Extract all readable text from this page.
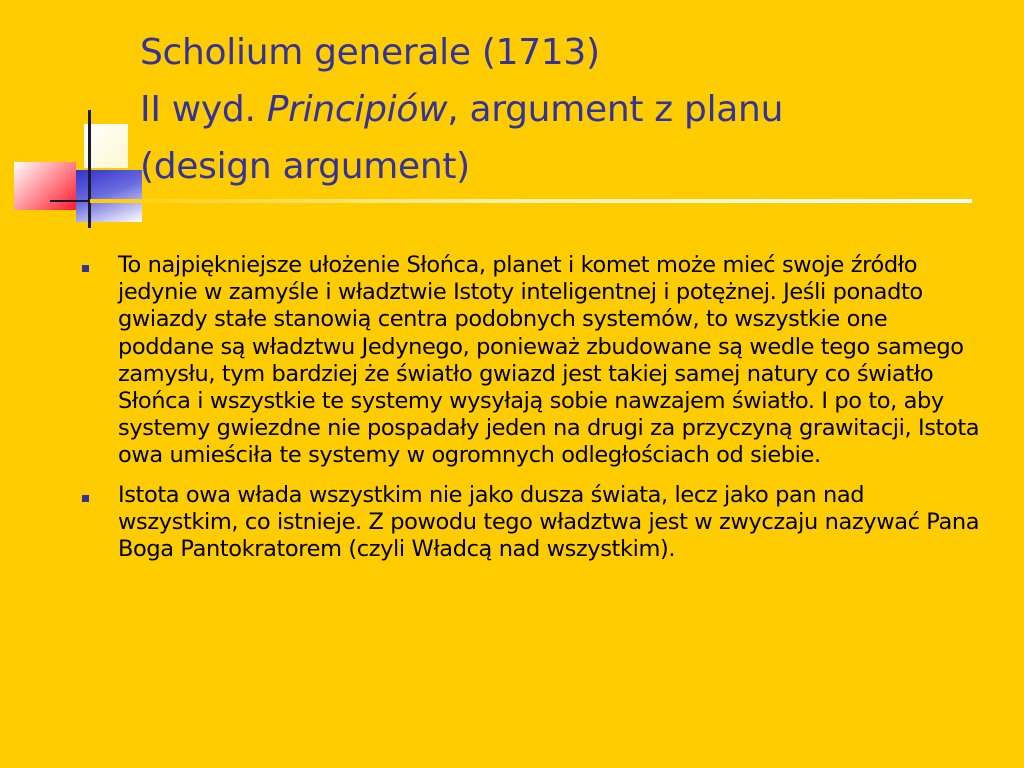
Scholium generale (1713)
II wyd. Principiów, argument z planu
(design argument)
To najpiękniejsze ułożenie Słońca, planet i komet może mieć swoje źródło jedynie w zamyśle i władztwie Istoty inteligentnej i potężnej. Jeśli ponadto gwiazdy stałe stanowią centra podobnych systemów, to wszystkie one poddane są władztwu Jedynego, ponieważ zbudowane są wedle tego samego zamysłu, tym bardziej że światło gwiazd jest takiej samej natury co światło Słońca i wszystkie te systemy wysyłają sobie nawzajem światło. I po to, aby systemy gwiezdne nie pospadały jeden na drugi za przyczyną grawitacji, Istota owa umieściła te systemy w ogromnych odległościach od siebie.
Istota owa włada wszystkim nie jako dusza świata, lecz jako pan nad wszystkim, co istnieje. Z powodu tego władztwa jest w zwyczaju nazywać Pana Boga Pantokratorem (czyli Władcą nad wszystkim).
